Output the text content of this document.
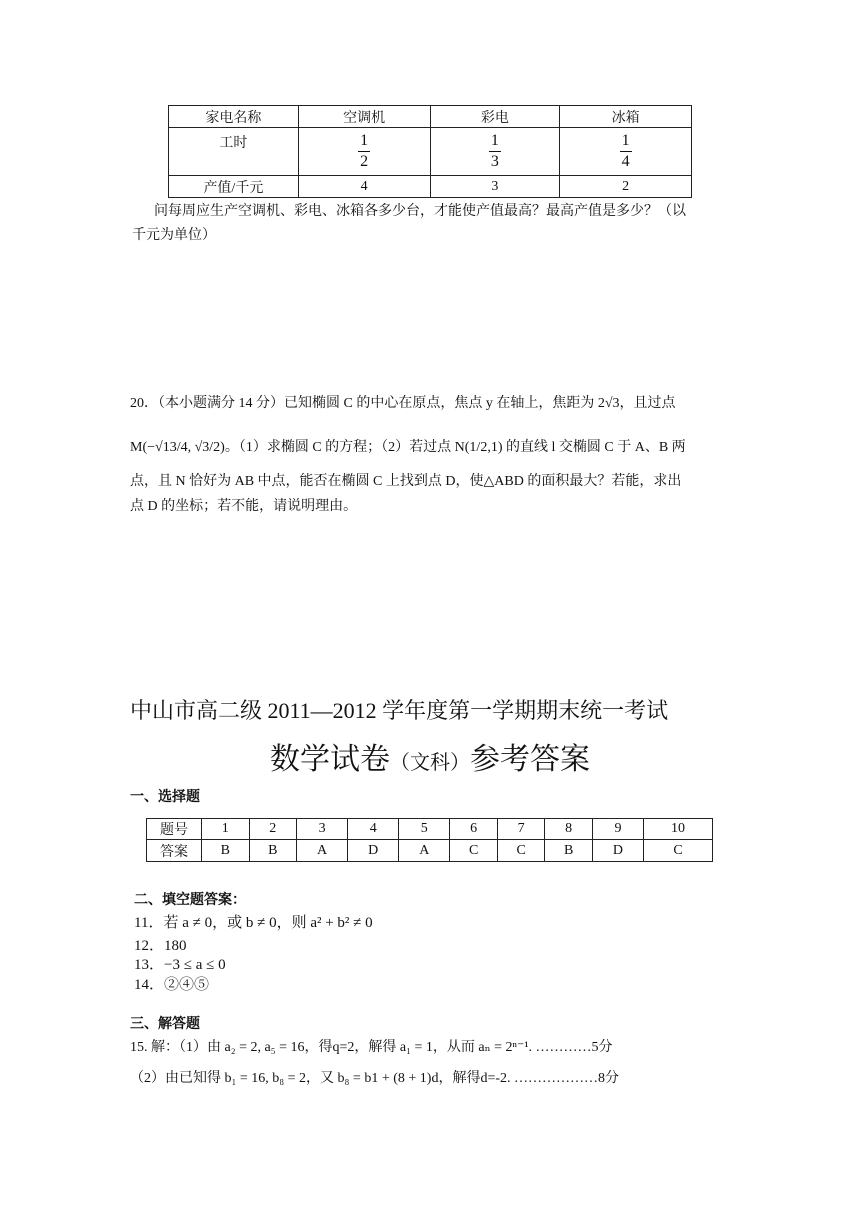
家电名称	空调机	彩电	冰箱
工时	$\frac{1}{2}$	$\frac{1}{3}$	$\frac{1}{4}$

产值/千元	4	3	2
问每周应生产空调机、彩电、冰箱各多少台，才能使产值最高？最高产值是多少？（以千元为单位）
20．（本小题满分 14 分）已知椭圆 C 的中心在原点，焦点 y 在轴上，焦距为 2√3，且过点
M(−√13/4, √3/2)。（1）求椭圆 C 的方程；（2）若过点 N(1/2,1) 的直线 l 交椭圆 C 于 A、B 两
点，且 N 恰好为 AB 中点，能否在椭圆 C 上找到点 D，使△ABD 的面积最大？若能，求出
点 D 的坐标；若不能，请说明理由。
中山市高二级 2011—2012 学年度第一学期期末统一考试
数学试卷（文科）参考答案
一、选择题
题号	1	2	3	4	5	6	7	8	9	10
答案	B	B	A	D	A	C	C	B	D	C
二、填空题答案：
11．若 a ≠ 0，或 b ≠ 0，则 a² + b² ≠ 0
12．180
13．−3 ≤ a ≤ 0
14．②④⑤
三、解答题
15. 解：（1）由 a₂ = 2, a₅ = 16，得q=2，解得 a₁ = 1，从而 aₙ = 2ⁿ⁻¹. …………5分
（2）由已知得 b₁ = 16, b₈ = 2，又 b₈ = b1 + (8 + 1)d，解得d=-2. ………………8分
